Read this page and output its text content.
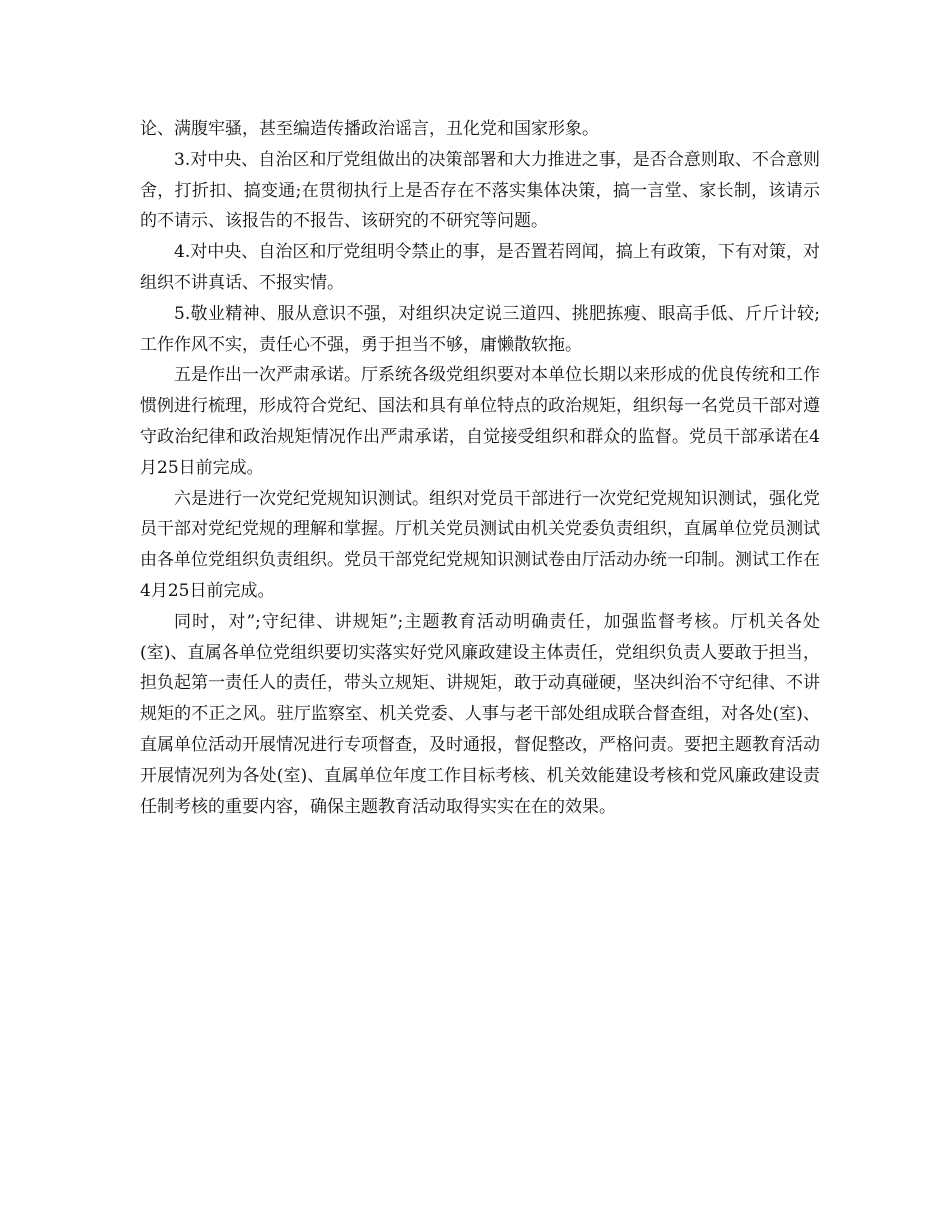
论、满腹牢骚，甚至编造传播政治谣言，丑化党和国家形象。

3.对中央、自治区和厅党组做出的决策部署和大力推进之事，是否合意则取、不合意则舍，打折扣、搞变通;在贯彻执行上是否存在不落实集体决策，搞一言堂、家长制，该请示的不请示、该报告的不报告、该研究的不研究等问题。

4.对中央、自治区和厅党组明令禁止的事，是否置若罔闻，搞上有政策，下有对策，对组织不讲真话、不报实情。

5.敬业精神、服从意识不强，对组织决定说三道四、挑肥拣瘦、眼高手低、斤斤计较;工作作风不实，责任心不强，勇于担当不够，庸懒散软拖。

五是作出一次严肃承诺。厅系统各级党组织要对本单位长期以来形成的优良传统和工作惯例进行梳理，形成符合党纪、国法和具有单位特点的政治规矩，组织每一名党员干部对遵守政治纪律和政治规矩情况作出严肃承诺，自觉接受组织和群众的监督。党员干部承诺在4月25日前完成。

六是进行一次党纪党规知识测试。组织对党员干部进行一次党纪党规知识测试，强化党员干部对党纪党规的理解和掌握。厅机关党员测试由机关党委负责组织，直属单位党员测试由各单位党组织负责组织。党员干部党纪党规知识测试卷由厅活动办统一印制。测试工作在4月25日前完成。

同时，对”;守纪律、讲规矩”;主题教育活动明确责任，加强监督考核。厅机关各处(室)、直属各单位党组织要切实落实好党风廉政建设主体责任，党组织负责人要敢于担当，担负起第一责任人的责任，带头立规矩、讲规矩，敢于动真碰硬，坚决纠治不守纪律、不讲规矩的不正之风。驻厅监察室、机关党委、人事与老干部处组成联合督查组，对各处(室)、直属单位活动开展情况进行专项督查，及时通报，督促整改，严格问责。要把主题教育活动开展情况列为各处(室)、直属单位年度工作目标考核、机关效能建设考核和党风廉政建设责任制考核的重要内容，确保主题教育活动取得实实在在的效果。
